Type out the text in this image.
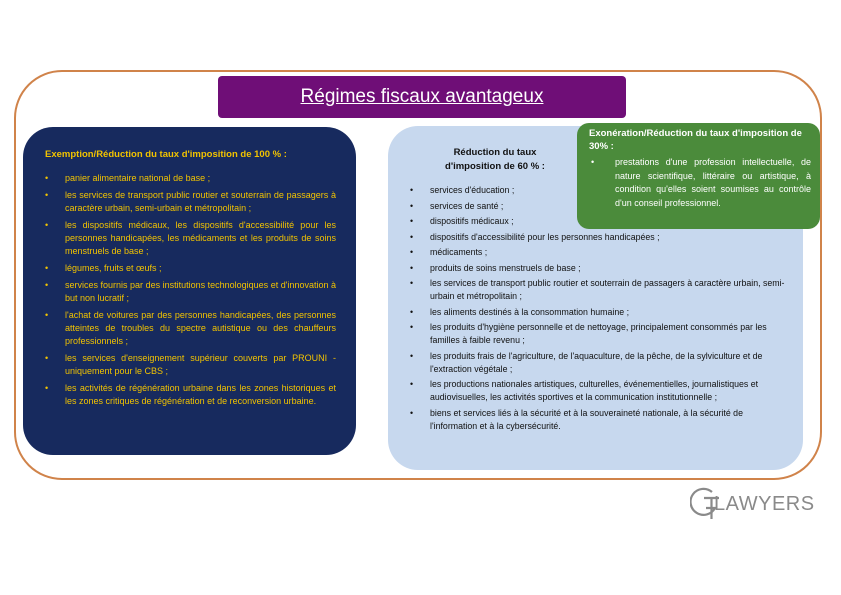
Régimes fiscaux avantageux
Exemption/Réduction du taux d'imposition de 100 % :
• panier alimentaire national de base ;
• les services de transport public routier et souterrain de passagers à caractère urbain, semi-urbain et métropolitain ;
• les dispositifs médicaux, les dispositifs d'accessibilité pour les personnes handicapées, les médicaments et les produits de soins menstruels de base ;
• légumes, fruits et œufs ;
• services fournis par des institutions technologiques et d'innovation à but non lucratif ;
• l'achat de voitures par des personnes handicapées, des personnes atteintes de troubles du spectre autistique ou des chauffeurs professionnels ;
• les services d'enseignement supérieur couverts par PROUNI - uniquement pour le CBS ;
• les activités de régénération urbaine dans les zones historiques et les zones critiques de régénération et de reconversion urbaine.
Réduction du taux d'imposition de 60 % :
• services d'éducation ;
• services de santé ;
• dispositifs médicaux ;
• dispositifs d'accessibilité pour les personnes handicapées ;
• médicaments ;
• produits de soins menstruels de base ;
• les services de transport public routier et souterrain de passagers à caractère urbain, semi-urbain et métropolitain ;
• les aliments destinés à la consommation humaine ;
• les produits d'hygiène personnelle et de nettoyage, principalement consommés par les familles à faible revenu ;
• les produits frais de l'agriculture, de l'aquaculture, de la pêche, de la sylviculture et de l'extraction végétale ;
• les productions nationales artistiques, culturelles, événementielles, journalistiques et audiovisuelles, les activités sportives et la communication institutionnelle ;
• biens et services liés à la sécurité et à la souveraineté nationale, à la sécurité de l'information et à la cybersécurité.
Exonération/Réduction du taux d'imposition de 30% :
• prestations d'une profession intellectuelle, de nature scientifique, littéraire ou artistique, à condition qu'elles soient soumises au contrôle d'un conseil professionnel.
LAWYERS
